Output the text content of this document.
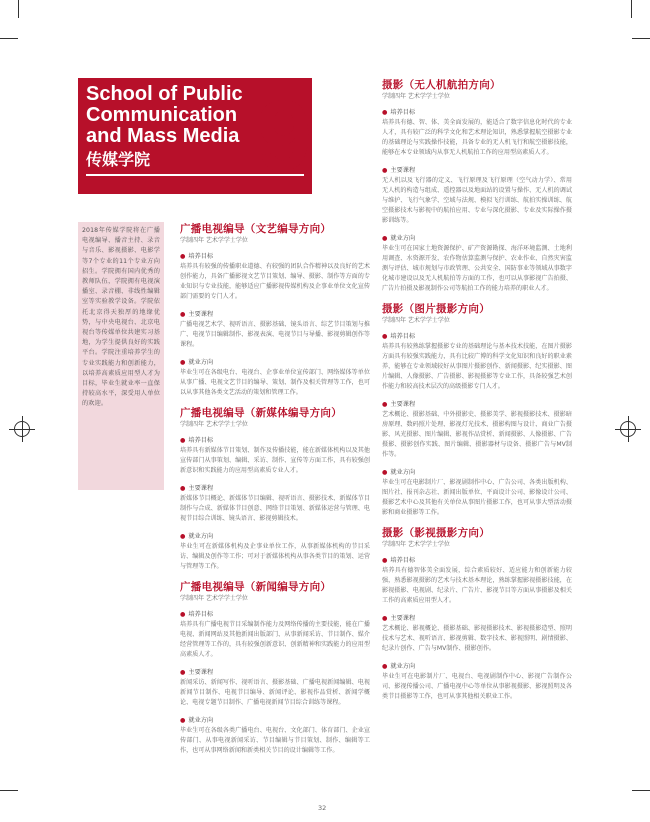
School of Public
Communication
and Mass Media
传媒学院 9

2018年传媒学院将在广播电视编导、播音主持、录音与音乐、影视摄影、电影学等7个专业的11个专业方向招生。学院拥有国内优秀的教师队伍，学院拥有电视演播室、录音棚、非线性编辑室等实验教学设备。学院依托北京得天独厚的地缘优势，与中央电视台、北京电视台等传媒单位共建实习基地，为学生提供良好的实践平台。学院注重培养学生的专业实践能力和创新能力，以培养高素质应用型人才为目标，毕业生就业率一直保持较高水平，深受用人单位的欢迎。

广播电视编导（文艺编导方向）
学制四年 艺术学学士学位
● 培养目标
培养具有较强的传播职业道德、有较强的团队合作精神以及良好的艺术创作能力，具备广播影视文艺节目策划、编导、摄影、制作等方面的专业知识与专业技能，能够适应广播影视传媒机构及企事业单位文化宣传部门需要的专门人才。
● 主要课程
广播电视艺术学、视听语言、摄影基础、镜头语言、综艺节目策划与推广、电视节目编辑制作、影视表演、电视节目与导播、影视剪辑创作等课程。
● 就业方向
毕业生可在各级电台、电视台、企事业单位宣传部门、网络媒体等单位从事广播、电视文艺节目的编导、策划、制作及相关管理等工作，也可以从事其他各类文艺活动的策划和管理工作。
广播电视编导（新媒体编导方向）
学制四年 艺术学学士学位
● 培养目标
培养具有新媒体节目策划、制作及传播技能，能在新媒体机构以及其他宣传部门从事策划、编辑、采访、制作、宣传等方面工作，具有较强创新意识和实践能力的应用型高素质专业人才。
● 主要课程
新媒体节目概论、新媒体节目编辑、视听语言、摄影技术、新媒体节目制作与合成、新媒体节目创意、网络节目策划、新媒体运营与管理、电视节目综合训练、镜头语言、影视剪辑技术。
● 就业方向
毕业生可在新媒体机构及企事业单位工作，从事新媒体机构的节目采访、编辑及创作等工作；可对于新媒体机构从事各类节目的策划、运营与管理等工作。
广播电视编导（新闻编导方向）
学制四年 艺术学学士学位
● 培养目标
培养具有广播电视节目采编制作能力及网络传播的主要技能，能在广播电视、新闻网站及其他新闻出版部门、从事新闻采访、节目制作、媒介经营管理等工作的，具有较强创新意识、创新精神和实践能力的应用型高素质人才。
● 主要课程
新闻采访、新闻写作、视听语言、摄影基础、广播电视新闻编辑、电视新闻节目制作、电视节目编导、新闻评论、影视作品赏析、新闻学概论、电视专题节目制作、广播电视新闻节目综合训练等课程。
● 就业方向
毕业生可在各级各类广播电台、电视台、文化部门、体育部门、企业宣传部门、从事电视新闻采访、节目编辑与节目策划、制作、编辑等工作，也可从事网络新闻和新类相关节目的设计编辑等工作。
摄影（无人机航拍方向）
学制四年 艺术学学士学位
● 培养目标
培养具有德、智、体、美全面发展的，能适合了数字信息化时代的专业人才，具有较广泛的科学文化和艺术理论知识，熟悉掌握航空摄影专业的基础理论与实践操作技能，具备专业的无人机飞行和航空摄影技能，能够在本专业领域内从事无人机航拍工作的应用型高素质人才。
● 主要课程
无人机以及飞行器的定义、飞行原理及飞行原理（空气动力学）、常用无人机的构造与组成、遥控器以及地面站的设置与操作、无人机的调试与维护、飞行气象学、空域与法规、模拟飞行训练、航拍实操训练、航空摄影技术与影视中的航拍应用、专业与深化摄影、专业及实际操作摄影训练等。
● 就业方向
毕业生可在国家土地资源保护、矿产资源勘探、海洋环境监测、土地利用调查、水资源开发、农作物估算监测与保护、农业作业、自然灾害监测与评估、城市规划与市政管理、公共安全、国防事业等领域从事数字化城市建设以及无人机航拍等方面的工作，也可以从事影视广告拍摄、广告片拍摄及影视制作公司等航拍工作的能力培养的职业人才。
摄影（图片摄影方向）
学制四年 艺术学学士学位
● 培养目标
培养具有较熟练掌握摄影专业的基础理论与基本技术技能，在图片摄影方面具有较强实践能力，具有比较广博的科学文化知识和良好的职业素养，能够在专业领域较好从事图片摄影创作、新闻摄影、纪实摄影、图片编辑、人像摄影、广告摄影、影视摄影等专业工作，具备较强艺术创作能力和较高技术层次的高级摄影专门人才。
● 主要课程
艺术概论、摄影基础、中外摄影史、摄影美学、影视摄影技术、摄影暗房原理、数码照片处理、影视灯光技术、摄影构图与设计、商业广告摄影、风光摄影、图片编辑、影视作品赏析、新闻摄影、人像摄影、广告摄影、摄影创作实践、图片编辑、摄影器材与设备、摄影广告与MV制作等。
● 就业方向
毕业生可在电影制片厂、影视剧制作中心、广告公司、各类出版机构、图片社、报刊杂志社、新闻出版单位、平面设计公司、影像设计公司、摄影艺术中心及其他有关单位从事图片摄影工作，也可从事大型活动摄影和商业摄影等工作。
摄影（影视摄影方向）
学制四年 艺术学学士学位
● 培养目标
培养具有德智体美全面发展，综合素质较好、适应能力和创新能力较强，熟悉影视摄影的艺术与技术基本理论，熟练掌握影视摄影技能，在影视摄影、电视剧、纪录片、广告片、影视节目等方面从事摄影及相关工作的高素质应用型人才。
● 主要课程
艺术概论、影视概论、摄影基础、影视摄影技术、影视摄影造型、照明技术与艺术、视听语言、影视剪辑、数字技术、影视照明、剧情摄影、纪录片创作、广告与MV制作、摄影创作。
● 就业方向
毕业生可在电影制片厂、电视台、电视剧制作中心、影视广告制作公司、影视传播公司、广播电视中心等单位从事影视摄影、影视照明及各类节目摄影等工作，也可从事其他相关职业工作。
32
